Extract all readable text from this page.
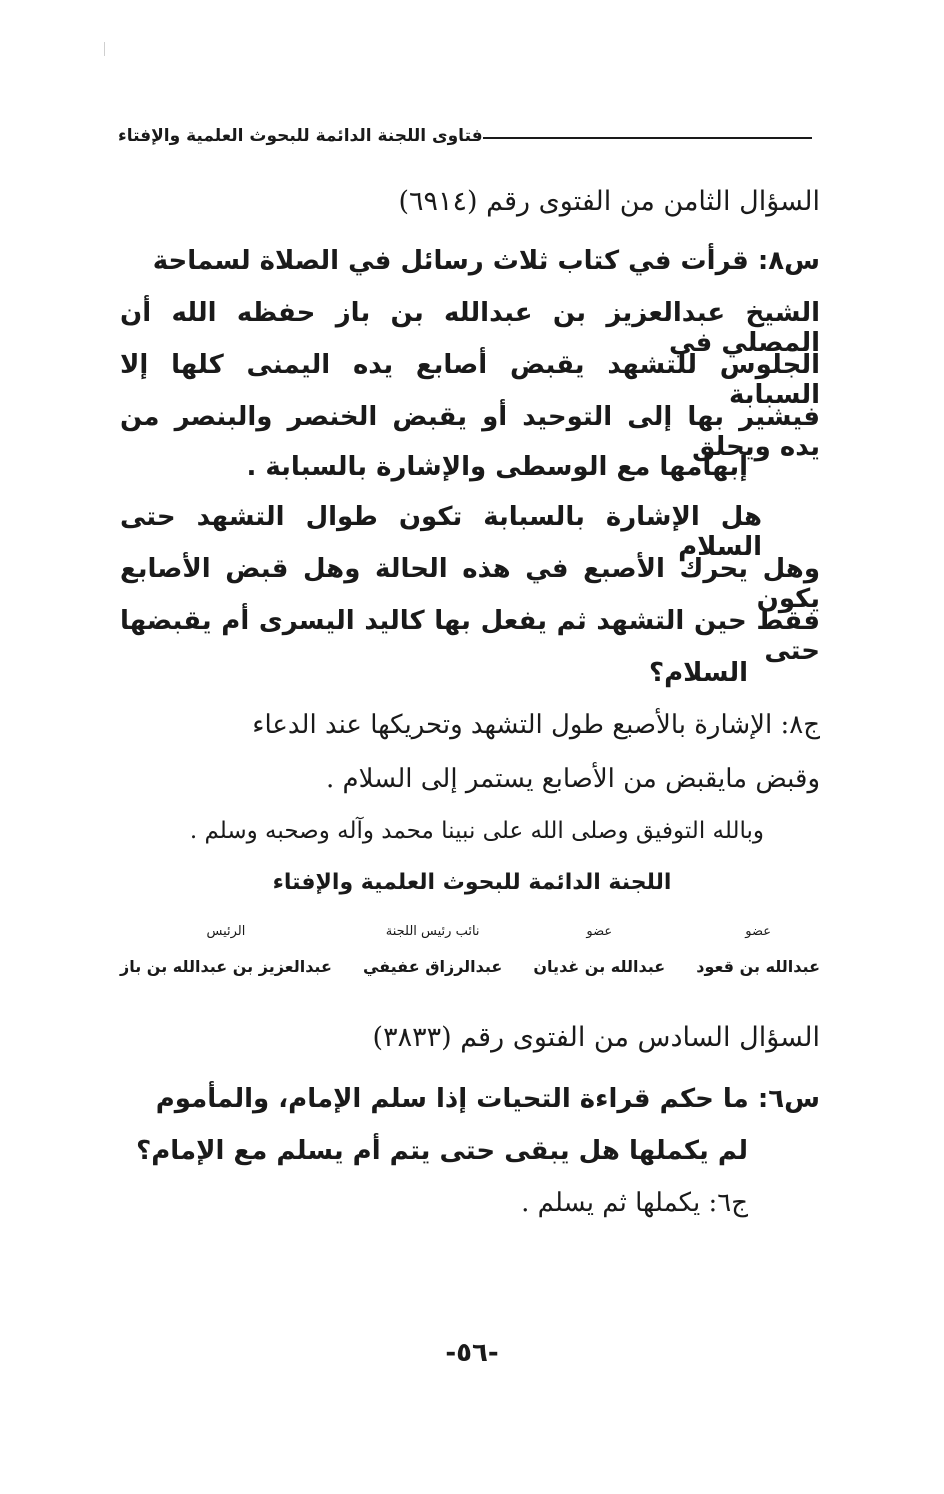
فتاوى اللجنة الدائمة للبحوث العلمية والإفتاء
السؤال الثامن من الفتوى رقم (٦٩١٤)
س٨: قرأت في كتاب ثلاث رسائل في الصلاة لسماحة
الشيخ عبدالعزيز بن عبدالله بن باز حفظه الله أن المصلي في
الجلوس للتشهد يقبض أصابع يده اليمنى كلها إلا السبابة
فيشير بها إلى التوحيد أو يقبض الخنصر والبنصر من يده ويحلق
إبهامها مع الوسطى والإشارة بالسبابة .
هل الإشارة بالسبابة تكون طوال التشهد حتى السلام
وهل يحرك الأصبع في هذه الحالة وهل قبض الأصابع يكون
فقط حين التشهد ثم يفعل بها كاليد اليسرى أم يقبضها حتى
السلام؟
ج٨: الإشارة بالأصبع طول التشهد وتحريكها عند الدعاء
وقبض مايقبض من الأصابع يستمر إلى السلام .
وبالله التوفيق وصلى الله على نبينا محمد وآله وصحبه وسلم .
اللجنة الدائمة للبحوث العلمية والإفتاء
عضو
عبدالله بن قعود
عضو
عبدالله بن غديان
نائب رئيس اللجنة
عبدالرزاق عفيفي
الرئيس
عبدالعزيز بن عبدالله بن باز
السؤال السادس من الفتوى رقم (٣٨٣٣)
س٦: ما حكم قراءة التحيات إذا سلم الإمام، والمأموم
لم يكملها هل يبقى حتى يتم أم يسلم مع الإمام؟
ج٦: يكملها ثم يسلم .
-٥٦-
